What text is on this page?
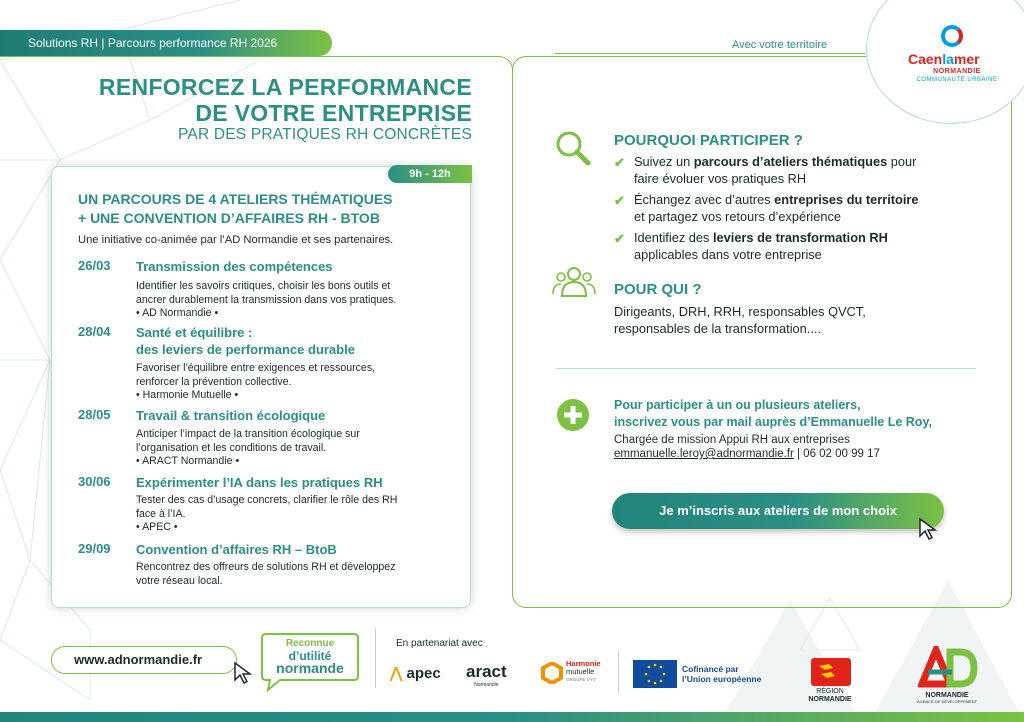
Solutions RH | Parcours performance RH 2026	Avec votre territoire
Caenlamer
NORMANDIE
COMMUNAUTÉ URBAINE
RENFORCEZ LA PERFORMANCE
DE VOTRE ENTREPRISE
PAR DES PRATIQUES RH CONCRÈTES
9h - 12h
UN PARCOURS DE 4 ATELIERS THÉMATIQUES
+ UNE CONVENTION D’AFFAIRES RH - BTOB
Une initiative co-animée par l’AD Normandie et ses partenaires.
26/03 Transmission des compétences
Identifier les savoirs critiques, choisir les bons outils et
ancrer durablement la transmission dans vos pratiques.
• AD Normandie •
28/04 Santé et équilibre :
des leviers de performance durable
Favoriser l’équilibre entre exigences et ressources,
renforcer la prévention collective.
• Harmonie Mutuelle •
28/05 Travail & transition écologique
Anticiper l’impact de la transition écologique sur
l’organisation et les conditions de travail.
• ARACT Normandie •
30/06 Expérimenter l’IA dans les pratiques RH
Tester des cas d’usage concrets, clarifier le rôle des RH
face à l’IA.
• APEC •
29/09 Convention d’affaires RH – BtoB
Rencontrez des offreurs de solutions RH et développez
votre réseau local.
POURQUOI PARTICIPER ?
✔ Suivez un parcours d’ateliers thématiques pour
faire évoluer vos pratiques RH
✔ Échangez avec d’autres entreprises du territoire
et partagez vos retours d’expérience
✔ Identifiez des leviers de transformation RH
applicables dans votre entreprise
POUR QUI ?
Dirigeants, DRH, RRH, responsables QVCT,
responsables de la transformation....
Pour participer à un ou plusieurs ateliers,
inscrivez vous par mail auprès d’Emmanuelle Le Roy,
Chargée de mission Appui RH aux entreprises
emmanuelle.leroy@adnormandie.fr | 06 02 00 99 17
Je m’inscris aux ateliers de mon choix
www.adnormandie.fr
Reconnue
d’utilité
normande
En partenariat avec
⋀ apec aract
Normandie
Harmonie
mutuelle
GROUPE VYV
Cofinancé par
l’Union européenne
RÉGION
NORMANDIE
NORMANDIE
AGENCE DE DÉVELOPPEMENT
